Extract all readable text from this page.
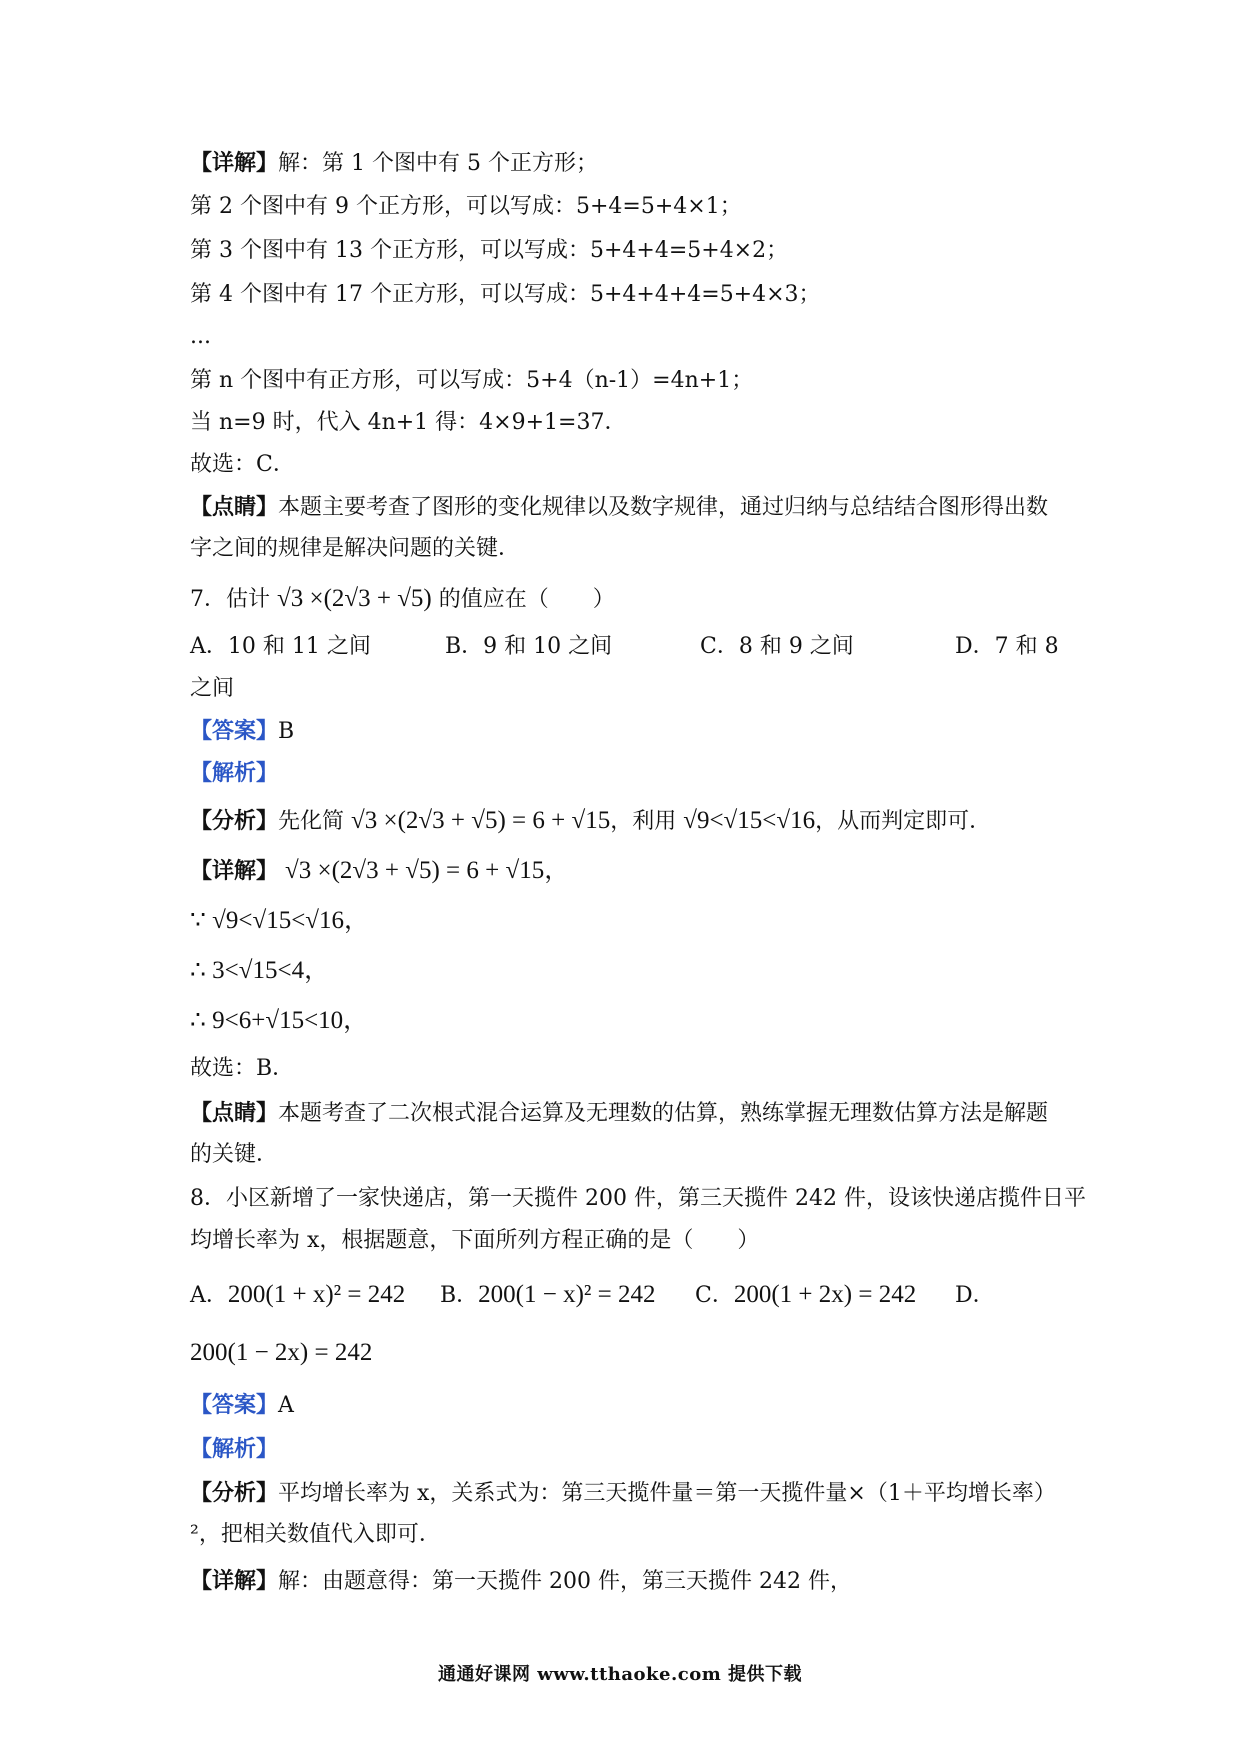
【详解】解：第 1 个图中有 5 个正方形；
第 2 个图中有 9 个正方形，可以写成：5+4=5+4×1；
第 3 个图中有 13 个正方形，可以写成：5+4+4=5+4×2；
第 4 个图中有 17 个正方形，可以写成：5+4+4+4=5+4×3；
...
第 n 个图中有正方形，可以写成：5+4（n-1）=4n+1；
当 n=9 时，代入 4n+1 得：4×9+1=37．
故选：C．
【点睛】本题主要考查了图形的变化规律以及数字规律，通过归纳与总结结合图形得出数
字之间的规律是解决问题的关键．
7．估计 √3 ×(2√3 + √5) 的值应在（　　）
A．10 和 11 之间	B．9 和 10 之间	C．8 和 9 之间	D．7 和 8
之间
【答案】B
【解析】
【分析】先化简 √3 ×(2√3 + √5) = 6 + √15，利用 √9<√15<√16，从而判定即可．
【详解】 √3 ×(2√3 + √5) = 6 + √15，
∵ √9<√15<√16，
∴ 3<√15<4，
∴ 9<6+√15<10，
故选：B．
【点睛】本题考查了二次根式混合运算及无理数的估算，熟练掌握无理数估算方法是解题
的关键．
8．小区新增了一家快递店，第一天揽件 200 件，第三天揽件 242 件，设该快递店揽件日平
均增长率为 x，根据题意，下面所列方程正确的是（　　）
A．200(1 + x)² = 242 B．200(1 − x)² = 242 C．200(1 + 2x) = 242 D．
200(1 − 2x) = 242
【答案】A
【解析】
【分析】平均增长率为 x，关系式为：第三天揽件量＝第一天揽件量×（1＋平均增长率）
²，把相关数值代入即可．
【详解】解：由题意得：第一天揽件 200 件，第三天揽件 242 件，
通通好课网 www.tthaoke.com 提供下载
